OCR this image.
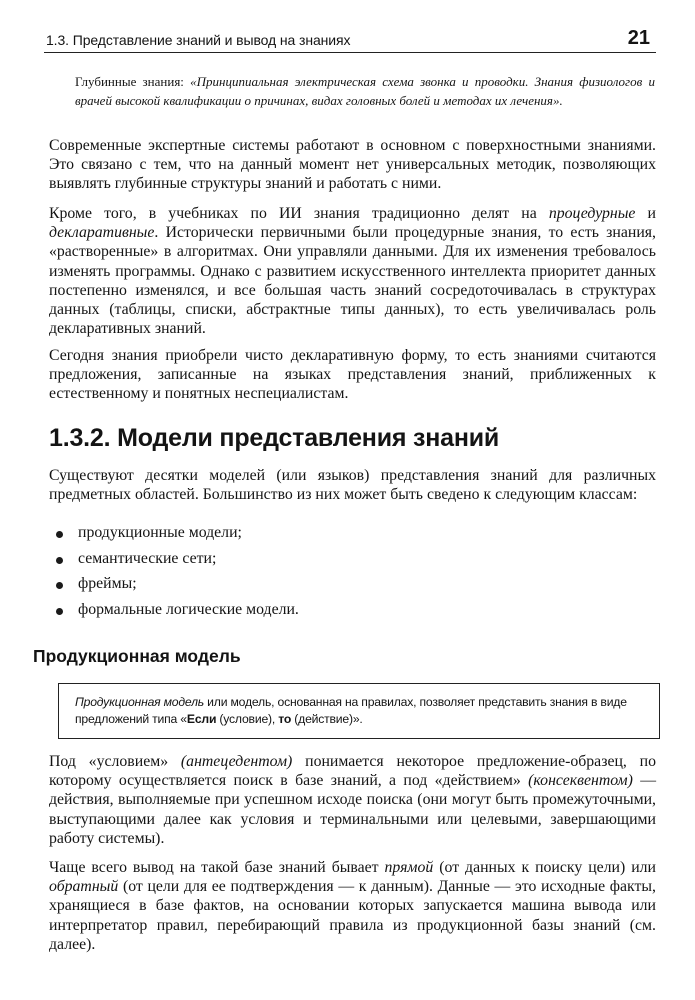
1.3. Представление знаний и вывод на знаниях	21
Глубинные знания: «Принципиальная электрическая схема звонка и проводки. Знания физиологов и врачей высокой квалификации о причинах, видах головных болей и методах их лечения».

Современные экспертные системы работают в основном с поверхностными знаниями. Это связано с тем, что на данный момент нет универсальных методик, позволяющих выявлять глубинные структуры знаний и работать с ними.

Кроме того, в учебниках по ИИ знания традиционно делят на процедурные и декларативные. Исторически первичными были процедурные знания, то есть знания, «растворенные» в алгоритмах. Они управляли данными. Для их изменения требовалось изменять программы. Однако с развитием искусственного интеллекта приоритет данных постепенно изменялся, и все большая часть знаний сосредоточивалась в структурах данных (таблицы, списки, абстрактные типы данных), то есть увеличивалась роль декларативных знаний.

Сегодня знания приобрели чисто декларативную форму, то есть знаниями считаются предложения, записанные на языках представления знаний, приближенных к естественному и понятных неспециалистам.

1.3.2. Модели представления знаний

Существуют десятки моделей (или языков) представления знаний для различных предметных областей. Большинство из них может быть сведено к следующим классам:

продукционные модели;
семантические сети;
фреймы;
формальные логические модели.
Продукционная модель
Продукционная модель или модель, основанная на правилах, позволяет представить знания в виде предложений типа «Если (условие), то (действие)».

Под «условием» (антецедентом) понимается некоторое предложение-образец, по которому осуществляется поиск в базе знаний, а под «действием» (консеквентом) — действия, выполняемые при успешном исходе поиска (они могут быть промежуточными, выступающими далее как условия и терминальными или целевыми, завершающими работу системы).

Чаще всего вывод на такой базе знаний бывает прямой (от данных к поиску цели) или обратный (от цели для ее подтверждения — к данным). Данные — это исходные факты, хранящиеся в базе фактов, на основании которых запускается машина вывода или интерпретатор правил, перебирающий правила из продукционной базы знаний (см. далее).
